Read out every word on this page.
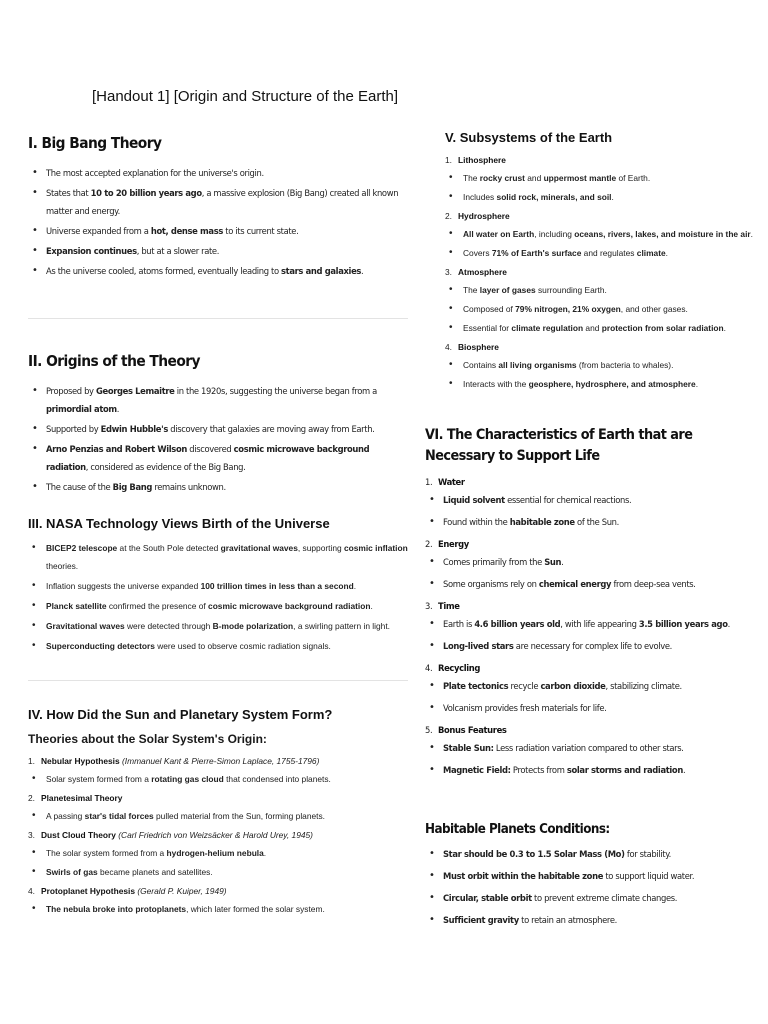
[Handout 1] [Origin and Structure of the Earth]
I. Big Bang Theory
• The most accepted explanation for the universe's origin.
• States that 10 to 20 billion years ago, a massive explosion (Big Bang) created all known matter and energy.
• Universe expanded from a hot, dense mass to its current state.
• Expansion continues, but at a slower rate.
• As the universe cooled, atoms formed, eventually leading to stars and galaxies.
II. Origins of the Theory
• Proposed by Georges Lemaitre in the 1920s, suggesting the universe began from a primordial atom.
• Supported by Edwin Hubble's discovery that galaxies are moving away from Earth.
• Arno Penzias and Robert Wilson discovered cosmic microwave background radiation, considered as evidence of the Big Bang.
• The cause of the Big Bang remains unknown.
III. NASA Technology Views Birth of the Universe
• BICEP2 telescope at the South Pole detected gravitational waves, supporting cosmic inflation theories.
• Inflation suggests the universe expanded 100 trillion times in less than a second.
• Planck satellite confirmed the presence of cosmic microwave background radiation.
• Gravitational waves were detected through B-mode polarization, a swirling pattern in light.
• Superconducting detectors were used to observe cosmic radiation signals.
IV. How Did the Sun and Planetary System Form?
Theories about the Solar System's Origin:
1. Nebular Hypothesis (Immanuel Kant & Pierre-Simon Laplace, 1755-1796)
• Solar system formed from a rotating gas cloud that condensed into planets.
2. Planetesimal Theory
• A passing star's tidal forces pulled material from the Sun, forming planets.
3. Dust Cloud Theory (Carl Friedrich von Weizsäcker & Harold Urey, 1945)
• The solar system formed from a hydrogen-helium nebula.
• Swirls of gas became planets and satellites.
4. Protoplanet Hypothesis (Gerald P. Kuiper, 1949)
• The nebula broke into protoplanets, which later formed the solar system.
V. Subsystems of the Earth
1. Lithosphere
• The rocky crust and uppermost mantle of Earth.
• Includes solid rock, minerals, and soil.
2. Hydrosphere
• All water on Earth, including oceans, rivers, lakes, and moisture in the air.
• Covers 71% of Earth's surface and regulates climate.
3. Atmosphere
• The layer of gases surrounding Earth.
• Composed of 79% nitrogen, 21% oxygen, and other gases.
• Essential for climate regulation and protection from solar radiation.
4. Biosphere
• Contains all living organisms (from bacteria to whales).
• Interacts with the geosphere, hydrosphere, and atmosphere.
VI. The Characteristics of Earth that are Necessary to Support Life
1. Water
• Liquid solvent essential for chemical reactions.
• Found within the habitable zone of the Sun.
2. Energy
• Comes primarily from the Sun.
• Some organisms rely on chemical energy from deep-sea vents.
3. Time
• Earth is 4.6 billion years old, with life appearing 3.5 billion years ago.
• Long-lived stars are necessary for complex life to evolve.
4. Recycling
• Plate tectonics recycle carbon dioxide, stabilizing climate.
• Volcanism provides fresh materials for life.
5. Bonus Features
• Stable Sun: Less radiation variation compared to other stars.
• Magnetic Field: Protects from solar storms and radiation.
Habitable Planets Conditions:
• Star should be 0.3 to 1.5 Solar Mass (Mo) for stability.
• Must orbit within the habitable zone to support liquid water.
• Circular, stable orbit to prevent extreme climate changes.
• Sufficient gravity to retain an atmosphere.
